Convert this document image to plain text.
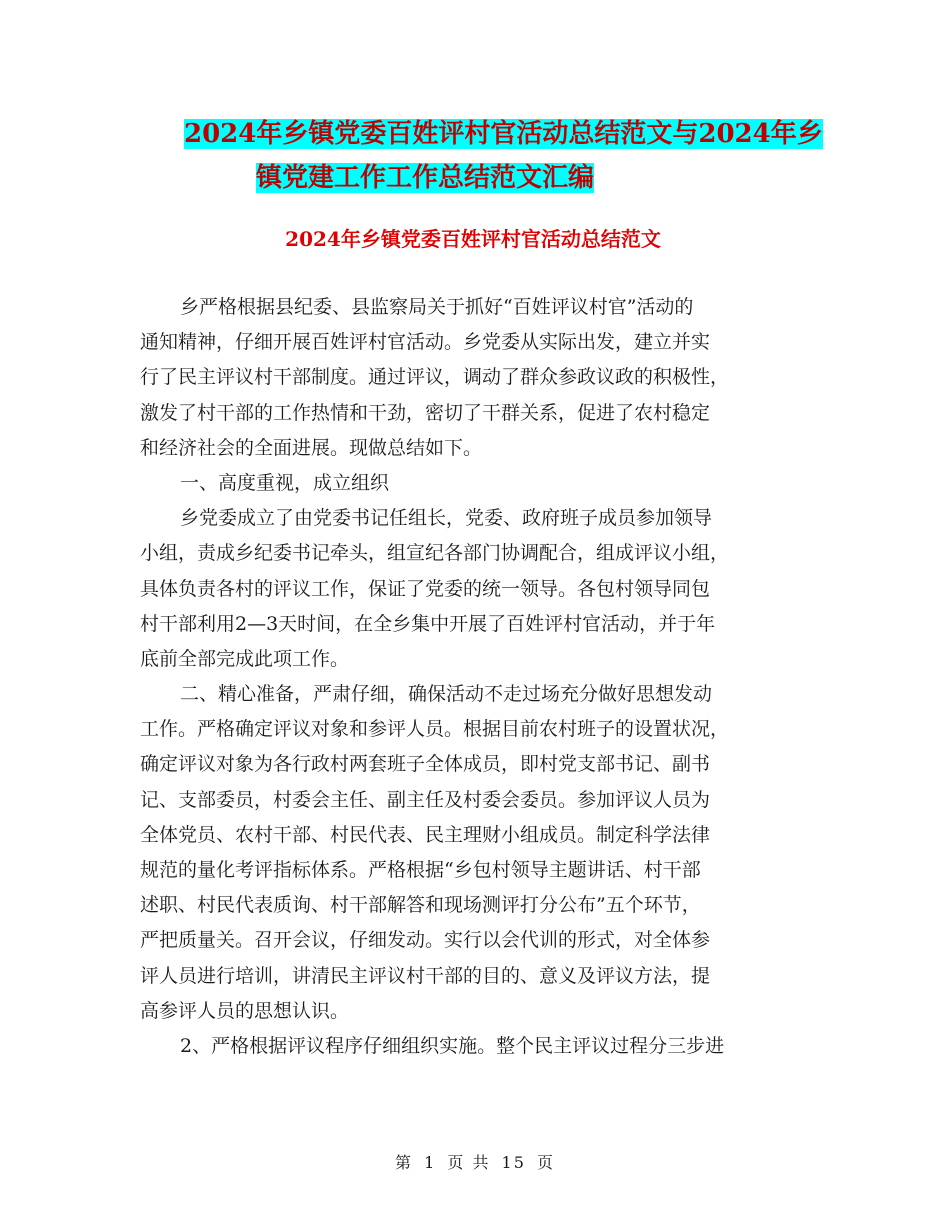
2024年乡镇党委百姓评村官活动总结范文与2024年乡
镇党建工作工作总结范文汇编
2024年乡镇党委百姓评村官活动总结范文
乡严格根据县纪委、县监察局关于抓好“百姓评议村官”活动的
通知精神，仔细开展百姓评村官活动。乡党委从实际出发，建立并实
行了民主评议村干部制度。通过评议，调动了群众参政议政的积极性，
激发了村干部的工作热情和干劲，密切了干群关系，促进了农村稳定
和经济社会的全面进展。现做总结如下。
一、高度重视，成立组织
乡党委成立了由党委书记任组长，党委、政府班子成员参加领导
小组，责成乡纪委书记牵头，组宣纪各部门协调配合，组成评议小组，
具体负责各村的评议工作，保证了党委的统一领导。各包村领导同包
村干部利用2—3天时间，在全乡集中开展了百姓评村官活动，并于年
底前全部完成此项工作。
二、精心准备，严肃仔细，确保活动不走过场充分做好思想发动
工作。严格确定评议对象和参评人员。根据目前农村班子的设置状况，
确定评议对象为各行政村两套班子全体成员，即村党支部书记、副书
记、支部委员，村委会主任、副主任及村委会委员。参加评议人员为
全体党员、农村干部、村民代表、民主理财小组成员。制定科学法律
规范的量化考评指标体系。严格根据“乡包村领导主题讲话、村干部
述职、村民代表质询、村干部解答和现场测评打分公布”五个环节，
严把质量关。召开会议，仔细发动。实行以会代训的形式，对全体参
评人员进行培训，讲清民主评议村干部的目的、意义及评议方法，提
高参评人员的思想认识。
2、严格根据评议程序仔细组织实施。整个民主评议过程分三步进
第 1 页 共 15 页
